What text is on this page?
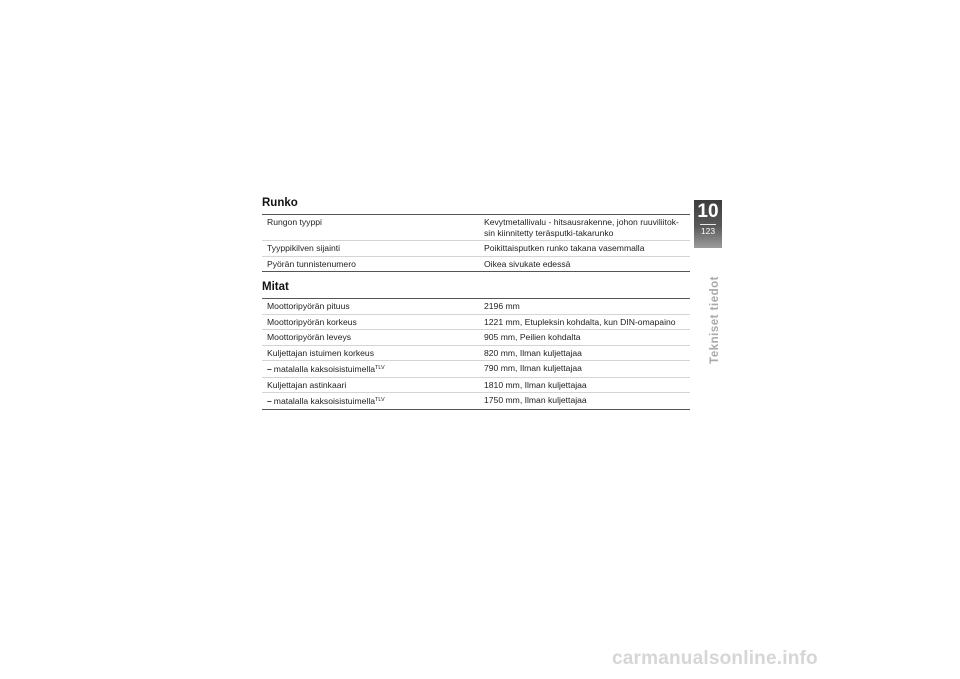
Runko
Rungon tyyppi	Kevytmetallivalu - hitsausrakenne, johon ruuviliitok-
sin kiinnitetty teräsputki-takarunko
Tyyppikilven sijainti	Poikittaisputken runko takana vasemmalla
Pyörän tunnistenumero	Oikea sivukate edessä
Mitat
Moottoripyörän pituus	2196 mm
Moottoripyörän korkeus	1221 mm, Etupleksin kohdalta, kun DIN-omapaino
Moottoripyörän leveys	905 mm, Peilien kohdalta
Kuljettajan istuimen korkeus	820 mm, Ilman kuljettajaa
– matalalla kaksoisistuimella$^{TLV}$	790 mm, Ilman kuljettajaa
Kuljettajan astinkaari	1810 mm, Ilman kuljettajaa
– matalalla kaksoisistuimella$^{TLV}$	1750 mm, Ilman kuljettajaa
10
123
Tekniset tiedot
carmanualsonline.info
